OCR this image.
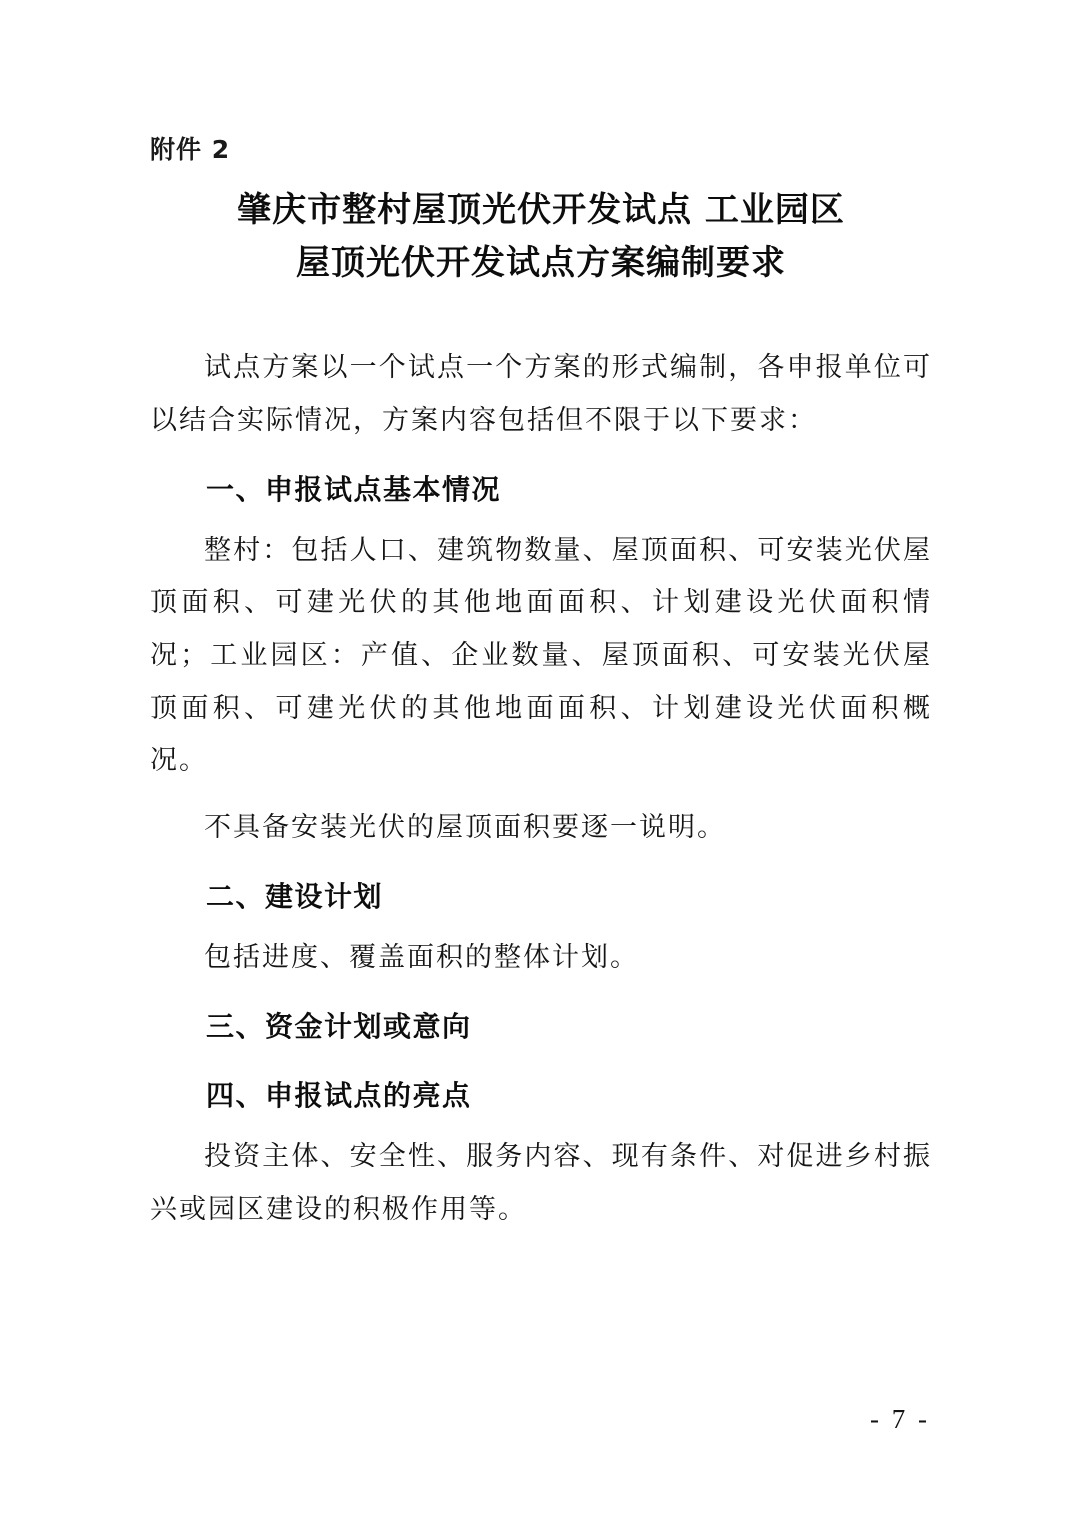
附件 2
肇庆市整村屋顶光伏开发试点 工业园区
屋顶光伏开发试点方案编制要求

试点方案以一个试点一个方案的形式编制，各申报单位可以结合实际情况，方案内容包括但不限于以下要求：

一、申报试点基本情况

整村：包括人口、建筑物数量、屋顶面积、可安装光伏屋顶面积、可建光伏的其他地面面积、计划建设光伏面积情况；工业园区：产值、企业数量、屋顶面积、可安装光伏屋顶面积、可建光伏的其他地面面积、计划建设光伏面积概况。

不具备安装光伏的屋顶面积要逐一说明。

二、建设计划

包括进度、覆盖面积的整体计划。

三、资金计划或意向
四、申报试点的亮点

投资主体、安全性、服务内容、现有条件、对促进乡村振兴或园区建设的积极作用等。

- 7 -
